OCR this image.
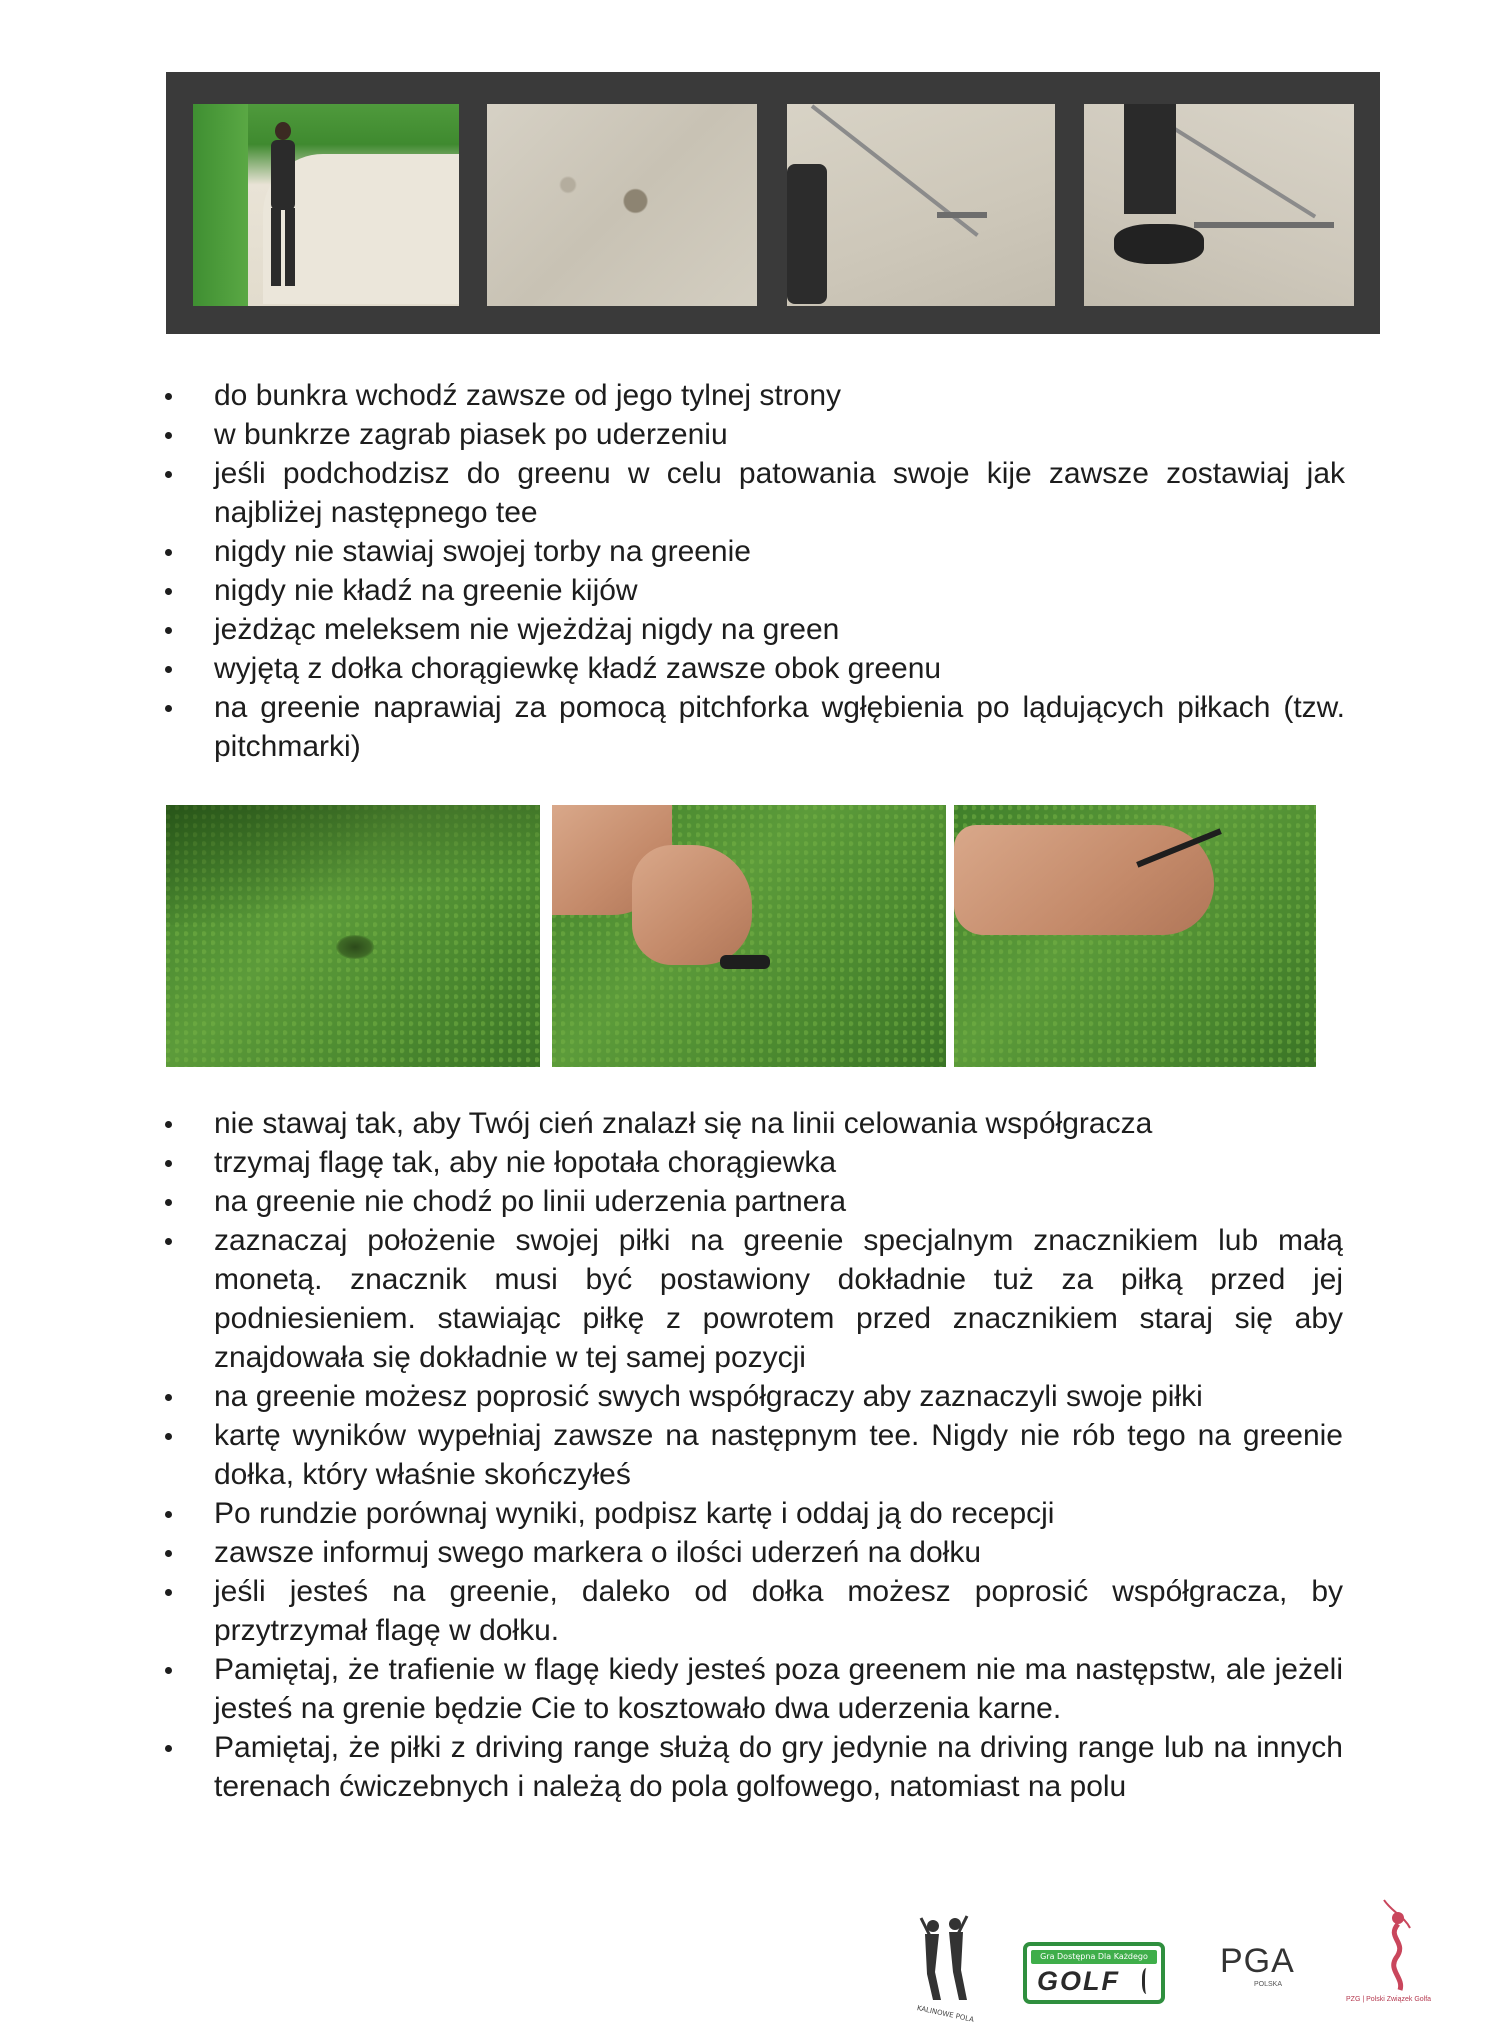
do bunkra wchodź zawsze od jego tylnej strony
w bunkrze zagrab piasek po uderzeniu
jeśli podchodzisz do greenu w celu patowania swoje kije zawsze zostawiaj jak najbliżej następnego tee
nigdy nie stawiaj swojej torby na greenie
nigdy nie kładź na greenie kijów
jeżdżąc meleksem nie wjeżdżaj nigdy na green
wyjętą z dołka chorągiewkę kładź zawsze obok greenu
na greenie naprawiaj za pomocą pitchforka wgłębienia po lądujących piłkach (tzw. pitchmarki)
nie stawaj tak, aby Twój cień znalazł się na linii celowania współgracza
trzymaj flagę tak, aby nie łopotała chorągiewka
na greenie nie chodź po linii uderzenia partnera
zaznaczaj położenie swojej piłki na greenie specjalnym znacznikiem lub małą monetą. znacznik musi być postawiony dokładnie tuż za piłką przed jej podniesieniem. stawiając piłkę z powrotem przed znacznikiem staraj się aby znajdowała się dokładnie w tej samej pozycji
na greenie możesz poprosić swych współgraczy aby zaznaczyli swoje piłki
kartę wyników wypełniaj zawsze na następnym tee. Nigdy nie rób tego na greenie dołka, który właśnie skończyłeś
Po rundzie porównaj wyniki, podpisz kartę i oddaj ją do recepcji
zawsze informuj swego markera o ilości uderzeń na dołku
jeśli jesteś na greenie, daleko od dołka możesz poprosić współgracza, by przytrzymał flagę w dołku.
Pamiętaj, że trafienie w flagę kiedy jesteś poza greenem nie ma następstw, ale jeżeli jesteś na grenie będzie Cie to kosztowało dwa uderzenia karne.
Pamiętaj, że piłki z driving range służą do gry jedynie na driving range lub na innych terenach ćwiczebnych i należą do pola golfowego, natomiast na polu
KALINOWE POLA
Gra Dostępna Dla Każdego
GOLF
PGA
POLSKA
PZG | Polski Związek Golfa
